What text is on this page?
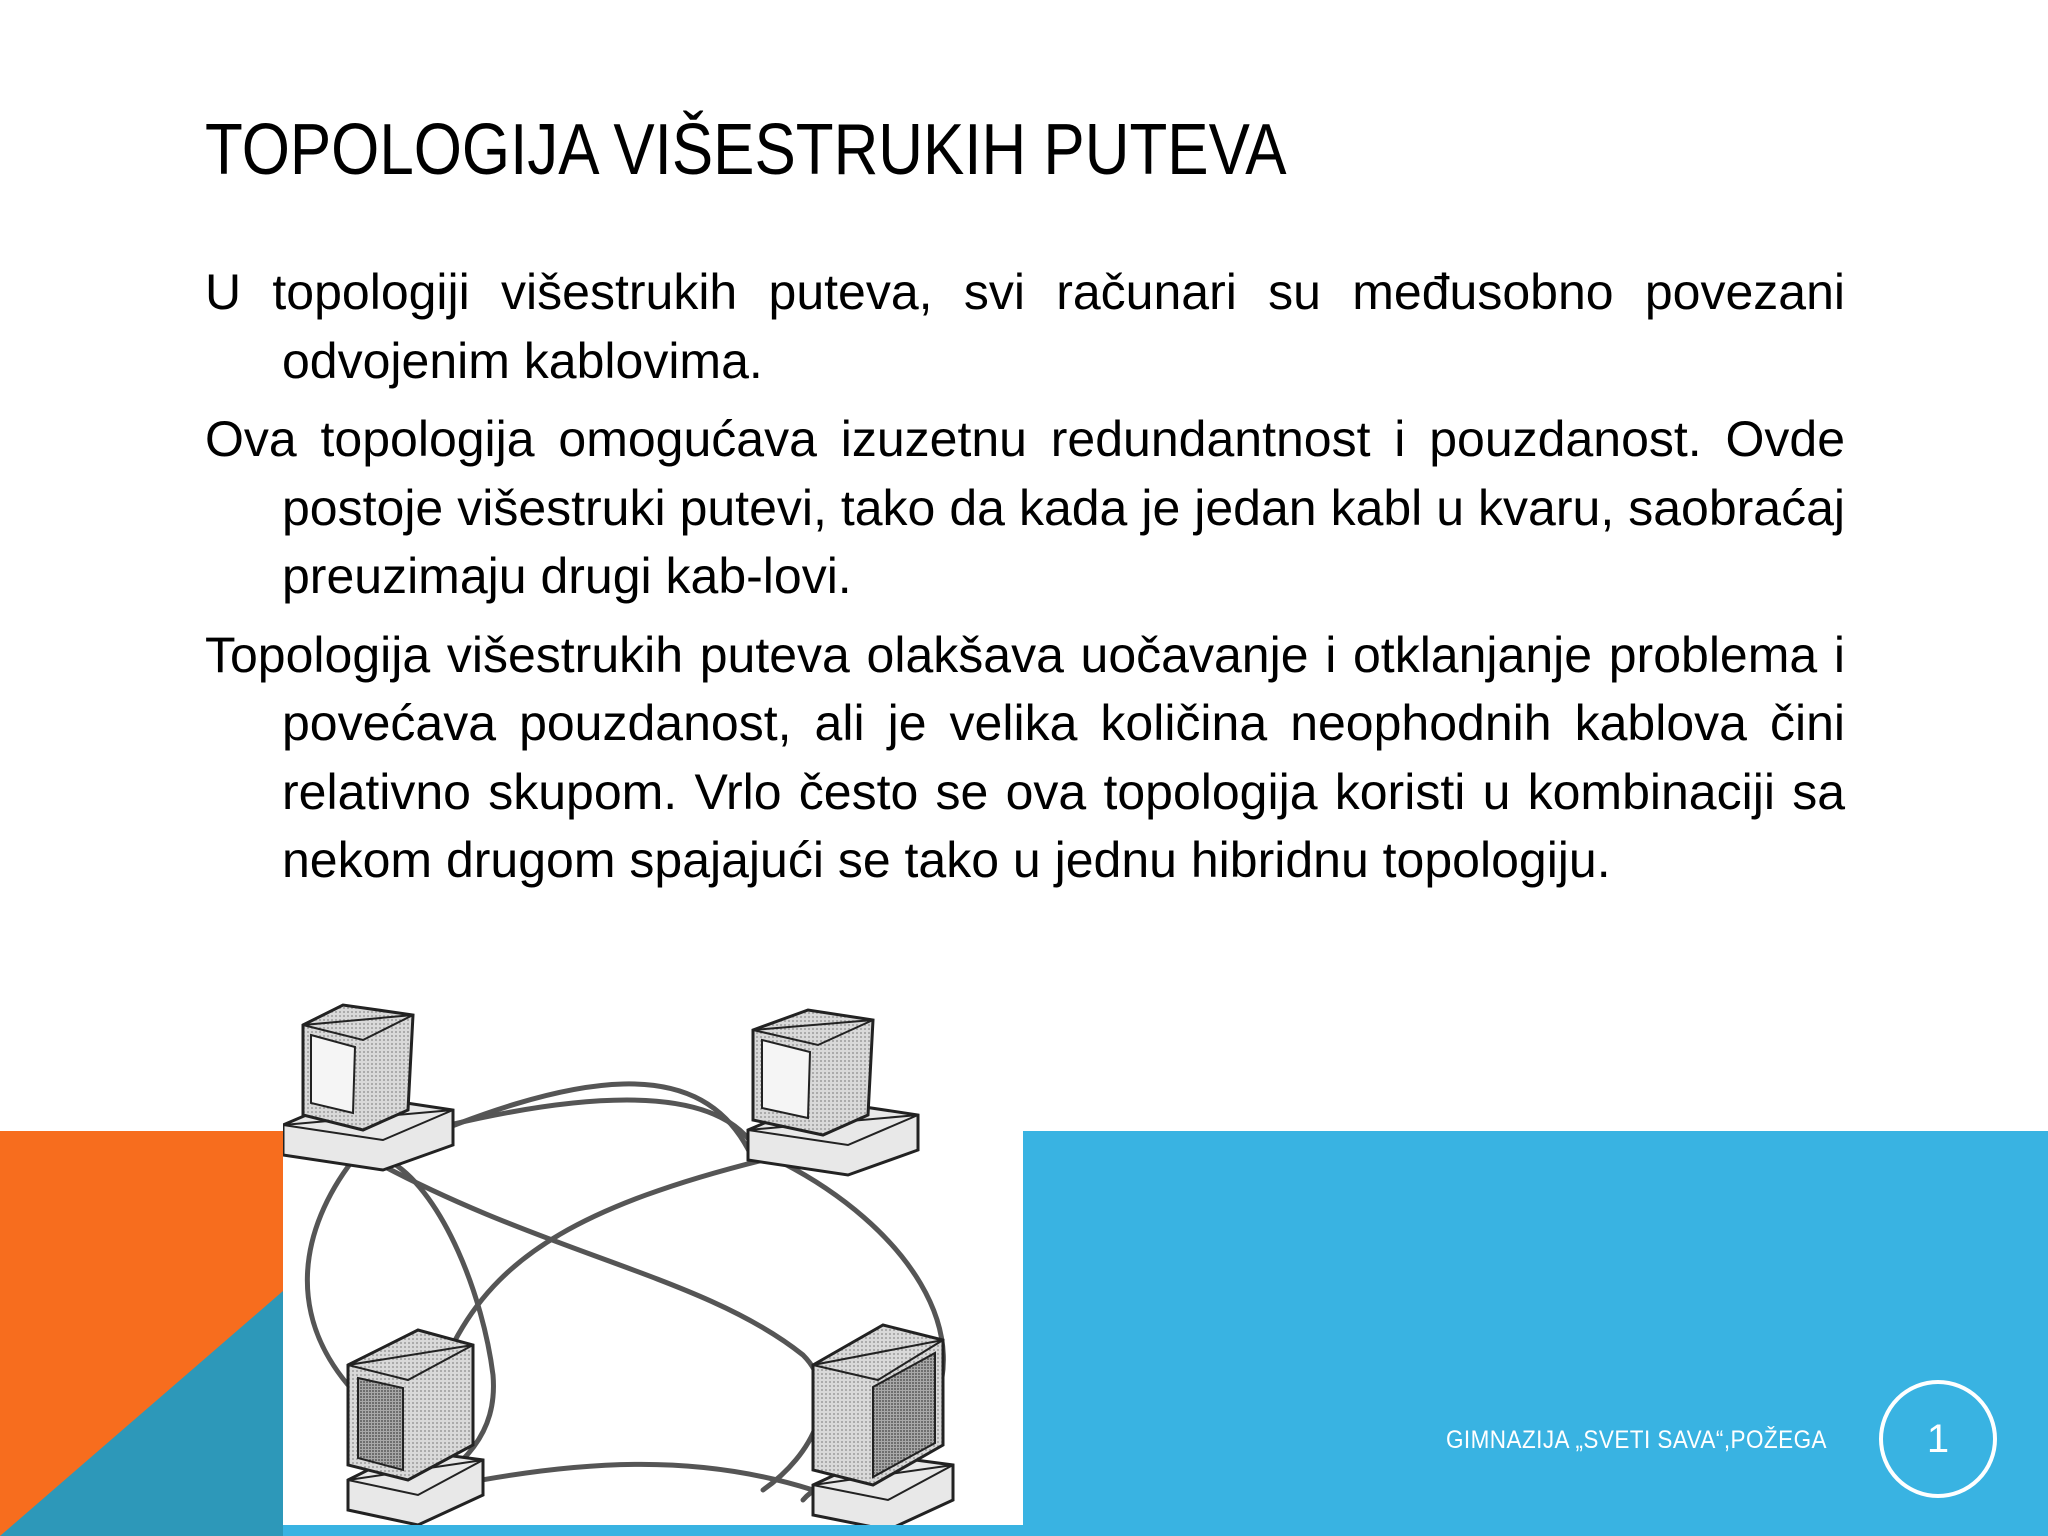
TOPOLOGIJA VIŠESTRUKIH PUTEVA

U topologiji višestrukih puteva, svi računari su međusobno povezani odvojenim kablovima.

Ova topologija omogućava izuzetnu redundantnost i pouzdanost. Ovde postoje višestruki putevi, tako da kada je jedan kabl u kvaru, saobraćaj preuzimaju drugi kab-lovi.

Topologija višestrukih puteva olakšava uočavanje i otklanjanje problema i povećava pouzdanost, ali je velika količina neophodnih kablova čini relativno skupom. Vrlo često se ova topologija koristi u kombinaciji sa nekom drugom spajajući se tako u jednu hibridnu topologiju.

GIMNAZIJA „SVETI SAVA“,POŽEGA 1
